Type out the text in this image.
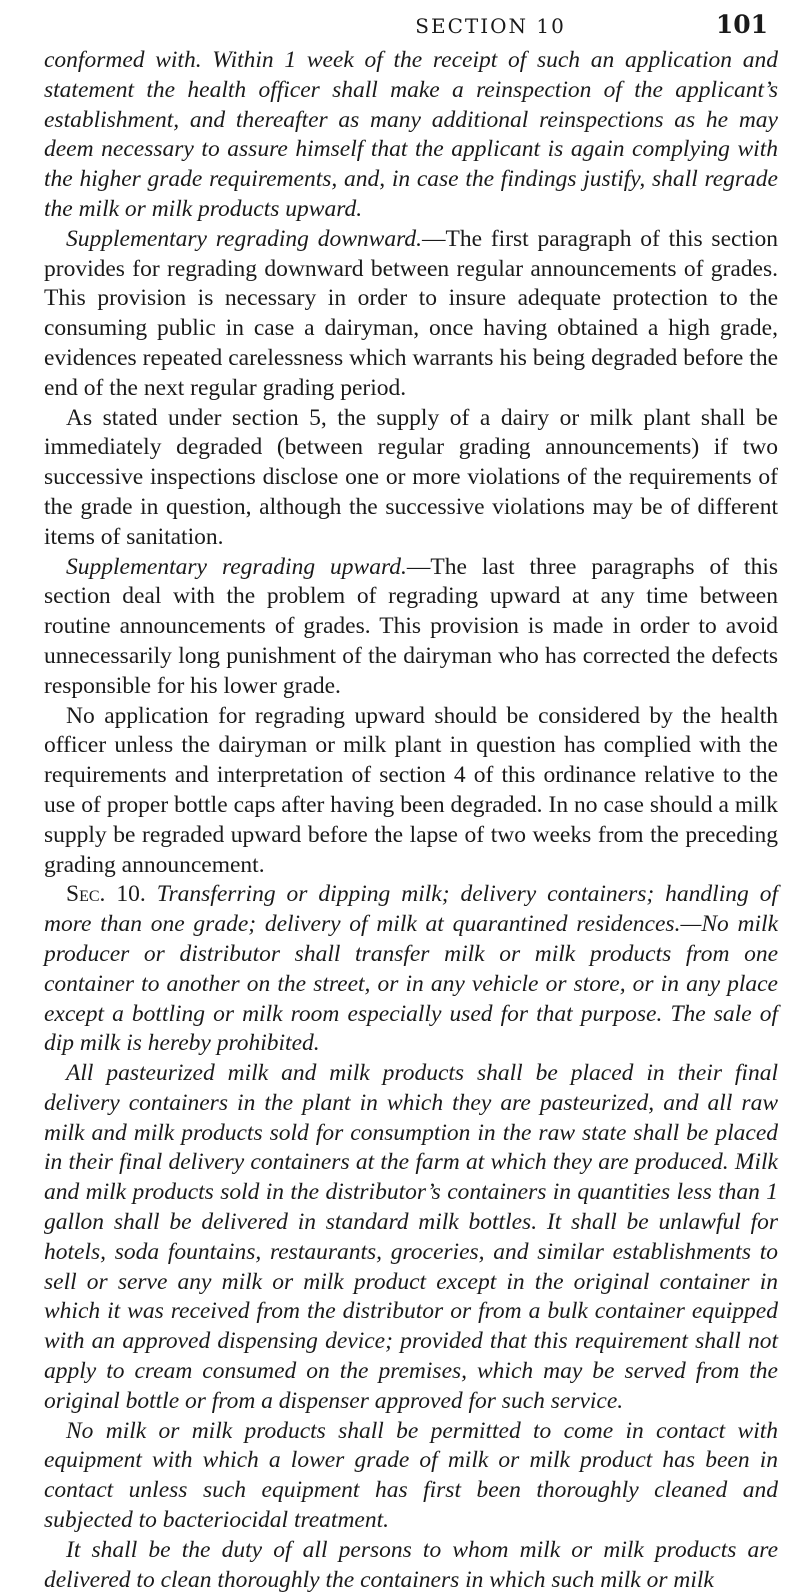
SECTION 10	101

conformed with. Within 1 week of the receipt of such an application and statement the health officer shall make a reinspection of the applicant’s establishment, and thereafter as many additional reinspections as he may deem necessary to assure himself that the applicant is again complying with the higher grade requirements, and, in case the findings justify, shall regrade the milk or milk products upward.

Supplementary regrading downward.—The first paragraph of this section provides for regrading downward between regular announcements of grades. This provision is necessary in order to insure adequate protection to the consuming public in case a dairyman, once having obtained a high grade, evidences repeated carelessness which warrants his being degraded before the end of the next regular grading period.

As stated under section 5, the supply of a dairy or milk plant shall be immediately degraded (between regular grading announcements) if two successive inspections disclose one or more violations of the requirements of the grade in question, although the successive violations may be of different items of sanitation.

Supplementary regrading upward.—The last three paragraphs of this section deal with the problem of regrading upward at any time between routine announcements of grades. This provision is made in order to avoid unnecessarily long punishment of the dairyman who has corrected the defects responsible for his lower grade.

No application for regrading upward should be considered by the health officer unless the dairyman or milk plant in question has complied with the requirements and interpretation of section 4 of this ordinance relative to the use of proper bottle caps after having been degraded. In no case should a milk supply be regraded upward before the lapse of two weeks from the preceding grading announcement.

Sec. 10. Transferring or dipping milk; delivery containers; handling of more than one grade; delivery of milk at quarantined residences.—No milk producer or distributor shall transfer milk or milk products from one container to another on the street, or in any vehicle or store, or in any place except a bottling or milk room especially used for that purpose. The sale of dip milk is hereby prohibited.

All pasteurized milk and milk products shall be placed in their final delivery containers in the plant in which they are pasteurized, and all raw milk and milk products sold for consumption in the raw state shall be placed in their final delivery containers at the farm at which they are produced. Milk and milk products sold in the distributor’s containers in quantities less than 1 gallon shall be delivered in standard milk bottles. It shall be unlawful for hotels, soda fountains, restaurants, groceries, and similar establishments to sell or serve any milk or milk product except in the original container in which it was received from the distributor or from a bulk container equipped with an approved dispensing device; provided that this requirement shall not apply to cream consumed on the premises, which may be served from the original bottle or from a dispenser approved for such service.

No milk or milk products shall be permitted to come in contact with equipment with which a lower grade of milk or milk product has been in contact unless such equipment has first been thoroughly cleaned and subjected to bacteriocidal treatment.

It shall be the duty of all persons to whom milk or milk products are delivered to clean thoroughly the containers in which such milk or milk
